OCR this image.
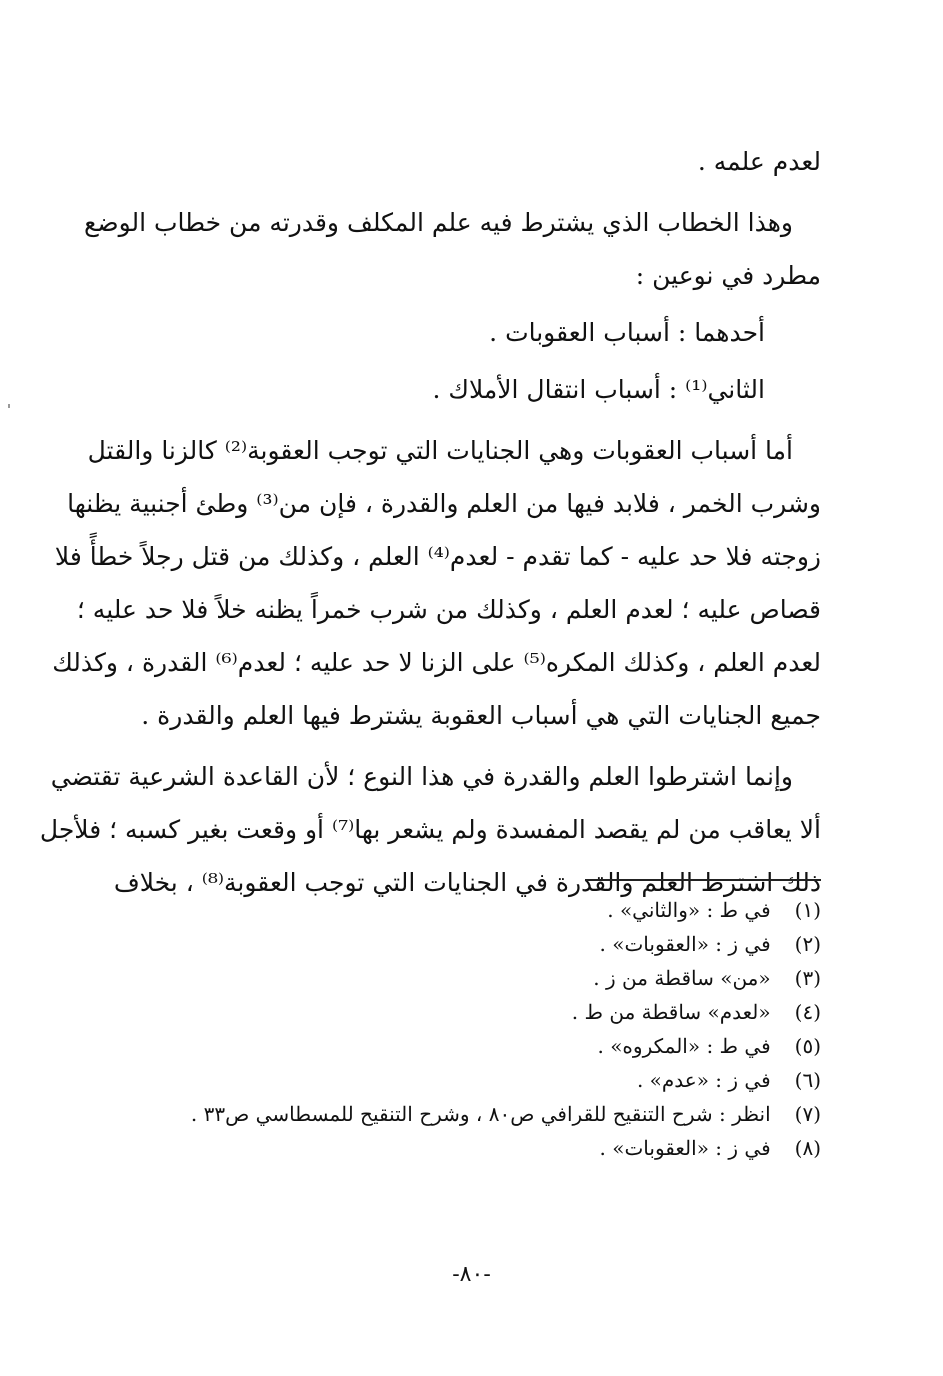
لعدم علمه .
وهذا الخطاب الذي يشترط فيه علم المكلف وقدرته من خطاب الوضع
مطرد في نوعين :
أحدهما : أسباب العقوبات .
الثاني⁽¹⁾ : أسباب انتقال الأملاك .
أما أسباب العقوبات وهي الجنايات التي توجب العقوبة⁽²⁾ كالزنا والقتل
وشرب الخمر ، فلابد فيها من العلم والقدرة ، فإن من⁽³⁾ وطئ أجنبية يظنها
زوجته فلا حد عليه - كما تقدم - لعدم⁽⁴⁾ العلم ، وكذلك من قتل رجلاً خطأً فلا
قصاص عليه ؛ لعدم العلم ، وكذلك من شرب خمراً يظنه خلاً فلا حد عليه ؛
لعدم العلم ، وكذلك المكره⁽⁵⁾ على الزنا لا حد عليه ؛ لعدم⁽⁶⁾ القدرة ، وكذلك
جميع الجنايات التي هي أسباب العقوبة يشترط فيها العلم والقدرة .
وإنما اشترطوا العلم والقدرة في هذا النوع ؛ لأن القاعدة الشرعية تقتضي
ألا يعاقب من لم يقصد المفسدة ولم يشعر بها⁽⁷⁾ أو وقعت بغير كسبه ؛ فلأجل
ذلك اشترط العلم والقدرة في الجنايات التي توجب العقوبة⁽⁸⁾ ، بخلاف
(١) في ط : «والثاني» .
(٢) في ز : «العقوبات» .
(٣) «من» ساقطة من ز .
(٤) «لعدم» ساقطة من ط .
(٥) في ط : «المكروه» .
(٦) في ز : «عدم» .
(٧) انظر : شرح التنقيح للقرافي ص٨٠ ، وشرح التنقيح للمسطاسي ص٣٣ .
(٨) في ز : «العقوبات» .
-٨٠-
